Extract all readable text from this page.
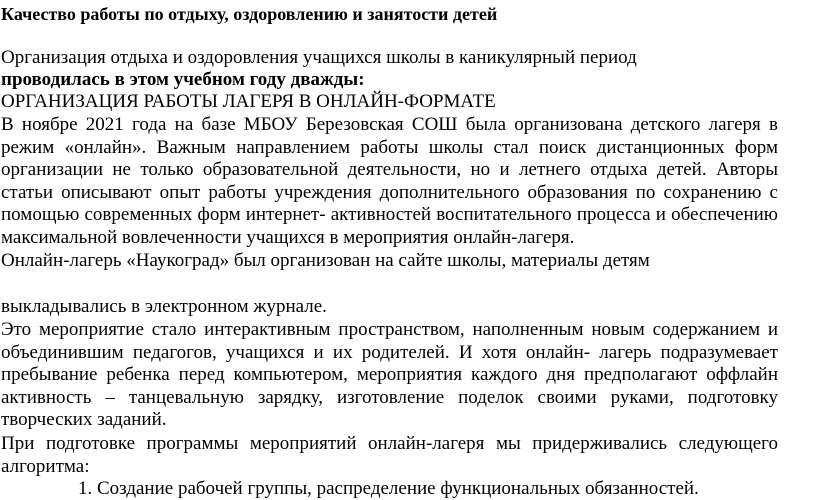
Качество работы по отдыху, оздоровлению и занятости детей
Организация отдыха и оздоровления учащихся школы в каникулярный период
проводилась в этом учебном году дважды:
ОРГАНИЗАЦИЯ РАБОТЫ ЛАГЕРЯ В ОНЛАЙН-ФОРМАТЕ
В ноябре 2021 года на базе МБОУ Березовская СОШ была организована детского лагеря в режим «онлайн». Важным направлением работы школы стал поиск дистанционных форм организации не только образовательной деятельности, но и летнего отдыха детей. Авторы статьи описывают опыт работы учреждения дополнительного образования по сохранению с помощью современных форм интернет- активностей воспитательного процесса и обеспечению максимальной вовлеченности учащихся в мероприятия онлайн-лагеря.
Онлайн-лагерь «Наукоград» был организован на сайте школы, материалы детям
выкладывались в электронном журнале.
Это мероприятие стало интерактивным пространством, наполненным новым содержанием и объединившим педагогов, учащихся и их родителей. И хотя онлайн- лагерь подразумевает пребывание ребенка перед компьютером, мероприятия каждого дня предполагают оффлайн активность – танцевальную зарядку, изготовление поделок своими руками, подготовку творческих заданий.
При подготовке программы мероприятий онлайн-лагеря мы придерживались следующего алгоритма:
1. Создание рабочей группы, распределение функциональных обязанностей.
